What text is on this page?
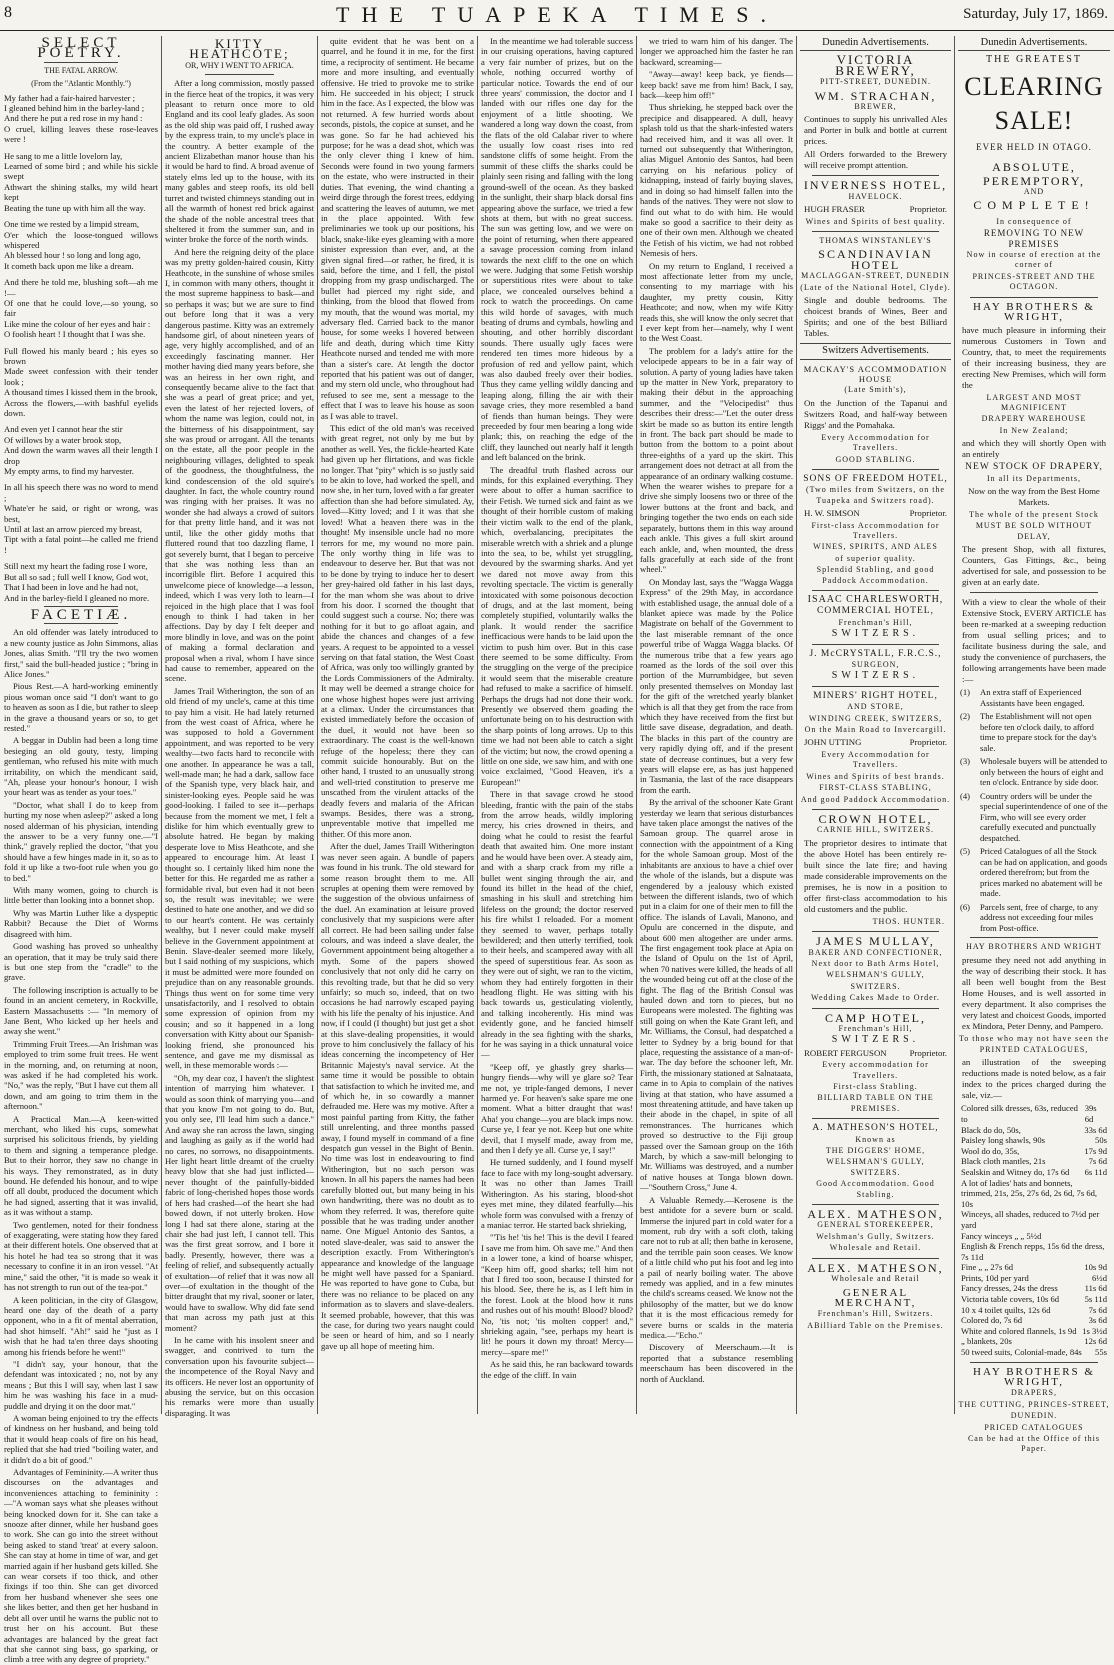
8	THE TUAPEKA TIMES.	Saturday, July 17, 1869.
SELECT POETRY.
THE FATAL ARROW.
(From the "Atlantic Monthly.")

My father had a fair-haired harvester ;

I gleaned behind him in the barley-land ;

And there he put a red rose in my hand :

O cruel, killing leaves these rose-leaves were !

He sang to me a little lovelorn lay,

Learned of some bird ; and while his sickle swept

Athwart the shining stalks, my wild heart kept

Beating the tune up with him all the way.

One time we rested by a limpid stream,

O'er which the loose-tongued willows whispered

Ah blessed hour ! so long and long ago,

It cometh back upon me like a dream.

And there he told me, blushing soft—ah me !—

Of one that he could love,—so young, so fair

Like mine the colour of her eyes and hair :

O foolish heart ! I thought that I was she.

Full flowed his manly beard ; his eyes so brown

Made sweet confession with their tender look ;

A thousand times I kissed them in the brook,

Across the flowers,—with bashful eyelids down.

And even yet I cannot hear the stir

Of willows by a water brook stop,

And down the warm waves all their length I drop

My empty arms, to find my harvester.

In all his speech there was no word to mend ;

Whate'er he said, or right or wrong, was best,

Until at last an arrow pierced my breast,

Tipt with a fatal point—he called me friend !

Still next my heart the fading rose I wore,

But all so sad ; full well I know, God wot,

That I had been in love and he had not,

And in the barley-field I gleaned no more.

FACETIÆ.

An old offender was lately introduced to a new county justice as John Simmons, alias Jones, alias Smith. "I'll try the two women first," said the bull-headed justice ; "bring in Alice Jones."

Pious Rest.—A hard-working eminently pious woman once said "I don't want to go to heaven as soon as I die, but rather to sleep in the grave a thousand years or so, to get rested."

A beggar in Dublin had been a long time besieging an old gouty, testy, limping gentleman, who refused his mite with much irritability, on which the mendicant said, "Ah, please your honour's honour, I wish your heart was as tender as your toes."

"Doctor, what shall I do to keep from hurting my nose when asleep?" asked a long nosed alderman of his physician, intending the answer to be a very funny one.—"I think," gravely replied the doctor, "that you should have a few hinges made in it, so as to fold it up like a two-foot rule when you go to bed."

With many women, going to church is little better than looking into a bonnet shop.

Why was Martin Luther like a dyspeptic Rabbit? Because the Diet of Worms disagreed with him.

Good washing has proved so unhealthy an operation, that it may be truly said there is but one step from the "cradle" to the grave.

The following inscription is actually to be found in an ancient cemetery, in Rockville, Eastern Massachusetts :— "In memory of Jane Bent, Who kicked up her heels and away she went."

Trimming Fruit Trees.—An Irishman was employed to trim some fruit trees. He went in the morning, and, on returning at noon, was asked if he had completed his work. "No," was the reply, "But I have cut them all down, and am going to trim them in the afternoon."

A Practical Man.—A keen-witted merchant, who liked his cups, somewhat surprised his solicitous friends, by yielding to them and signing a temperance pledge. But to their horror, they saw no change in his ways. They remonstrated, as in duty bound. He defended his honour, and to wipe off all doubt, produced the document which he had signed, asserting that it was invalid, as it was without a stamp.

Two gentlemen, noted for their fondness of exaggerating, were stating how they fared at their different hotels. One observed that at his hotel he had tea so strong that it was necessary to confine it in an iron vessel. "At mine," said the other, "it is made so weak it has not strength to run out of the tea-pot."

A keen politician, in the city of Glasgow, heard one day of the death of a party opponent, who in a fit of mental aberration, had shot himself. "Ah!" said he "just as I wish that he had ta'en three days shooting among his friends before he went!"

"I didn't say, your honour, that the defendant was intoxicated ; no, not by any means ; But this I will say, when last I saw him he was washing his face in a mud-puddle and drying it on the door mat."

A woman being enjoined to try the effects of kindness on her husband, and being told that it would heap coals of fire on his head, replied that she had tried "boiling water, and it didn't do a bit of good."

Advantages of Femininity.—A writer thus discourses on the advantages and inconveniences attaching to femininity :—"A woman says what she pleases without being knocked down for it. She can take a snooze after dinner, while her husband goes to work. She can go into the street without being asked to stand 'treat' at every saloon. She can stay at home in time of war, and get married again if her husband gets killed. She can wear corsets if too thick, and other fixings if too thin. She can get divorced from her husband whenever she sees one she likes better, and then get her husband in debt all over until he warns the public not to trust her on his account. But these advantages are balanced by the great fact that she cannot sing bass, go sparking, or climb a tree with any degree of propriety."

KITTY HEATHCOTE;
OR, WHY I WENT TO AFRICA.

After a long commission, mostly passed in the fierce heat of the tropics, it was very pleasant to return once more to old England and its cool leafy glades. As soon as the old ship was paid off, I rushed away by the express train, to my uncle's place in the country. A better example of the ancient Elizabethan manor house than his it would be hard to find. A broad avenue of stately elms led up to the house, with its many gables and steep roofs, its old bell turret and twisted chimneys standing out in all the warmth of honest red brick against the shade of the noble ancestral trees that sheltered it from the summer sun, and in winter broke the force of the north winds.

And here the reigning deity of the place was my pretty golden-haired cousin, Kitty Heathcote, in the sunshine of whose smiles I, in common with many others, thought it the most supreme happiness to bask—and so perhaps it was; but we are sure to find out before long that it was a very dangerous pastime. Kitty was an extremely handsome girl, of about nineteen years of age, very highly accomplished, and of an exceedingly fascinating manner. Her mother having died many years before, she was an heiress in her own right, and consequently became alive to the fact that she was a pearl of great price; and yet, even the latest of her rejected lovers, of whom the name was legion, could not, in the bitterness of his disappointment, say she was proud or arrogant. All the tenants on the estate, all the poor people in the neighbouring villages, delighted to speak of the goodness, the thoughtfulness, the kind condescension of the old squire's daughter. In fact, the whole country round was ringing with her praises. It was no wonder she had always a crowd of suitors for that pretty little hand, and it was not until, like the other giddy moths that fluttered round that too dazzling flame, I got severely burnt, that I began to perceive that she was nothing less than an incorrigible flirt. Before I acquired this unwelcome piece of knowledge—a lesson, indeed, which I was very loth to learn—I rejoiced in the high place that I was fool enough to think I had taken in her affections. Day by day I felt deeper and more blindly in love, and was on the point of making a formal declaration and proposal when a rival, whom I have since had cause to remember, appeared on the scene.

James Trail Witherington, the son of an old friend of my uncle's, came at this time to pay him a visit. He had lately returned from the west coast of Africa, where he was supposed to hold a Government appointment, and was reported to be very wealthy—two facts hard to reconcile with one another. In appearance he was a tall, well-made man; he had a dark, sallow face of the Spanish type, very black hair, and sinister-looking eyes. People said he was good-looking. I failed to see it—perhaps because from the moment we met, I felt a dislike for him which eventually grew to absolute hatred. He began by making desperate love to Miss Heathcote, and she appeared to encourage him. At least I thought so. I certainly liked him none the better for this. He regarded me as rather a formidable rival, but even had it not been so, the result was inevitable; we were destined to hate one another, and we did so to our heart's content. He was certainly wealthy, but I never could make myself believe in the Government appointment at Benin. Slave-dealer seemed more likely, but I said nothing of my suspicions, which it must be admitted were more founded on prejudice than on any reasonable grounds. Things thus went on for some time very unsatisfactorily, and I resolved to obtain some expression of opinion from my cousin; and so it happened in a long conversation with Kitty about our Spanish-looking friend, she pronounced his sentence, and gave me my dismissal as well, in these memorable words :—

"Oh, my dear coz, I haven't the slightest intention of marrying him whatever. I would as soon think of marrying you—and that you know I'm not going to do. But, you only see, I'll lead him such a dance." And away she ran across the lawn, singing and laughing as gaily as if the world had no cares, no sorrows, no disappointments. Her light heart little dreamt of the cruelty heavy blow that she had just inflicted—never thought of the painfully-bidded fabric of long-cherished hopes those words of hers had crashed—of the heart she had bowed down, if not utterly broken. How long I had sat there alone, staring at the chair she had just left, I cannot tell. This was the first great sorrow, and I bore it badly. Presently, however, there was a feeling of relief, and subsequently actually of exultation—of relief that it was now all over—of exultation in the thought of the bitter draught that my rival, sooner or later, would have to swallow. Why did fate send that man across my path just at this moment?

In he came with his insolent sneer and swagger, and contrived to turn the conversation upon his favourite subject—the incompetence of the Royal Navy and its officers. He never lost an opportunity of abusing the service, but on this occasion his remarks were more than usually disparaging. It was

quite evident that he was bent on a quarrel, and he found it in me, for the first time, a reciprocity of sentiment. He became more and more insulting, and eventually offensive. He tried to provoke me to strike him. He succeeded in his object; I struck him in the face. As I expected, the blow was not returned. A few hurried words about seconds, pistols, the copice at sunset, and he was gone. So far he had achieved his purpose; for he was a dead shot, which was the only clever thing I knew of him. Seconds were found in two young farmers on the estate, who were instructed in their duties. That evening, the wind chanting a weird dirge through the forest trees, eddying and scattering the leaves of autumn, we met in the place appointed. With few preliminaries we took up our positions, his black, snake-like eyes gleaming with a more sinister expression than ever, and, at the given signal fired—or rather, he fired, it is said, before the time, and I fell, the pistol dropping from my grasp undischarged. The bullet had pierced my right side, and thinking, from the blood that flowed from my mouth, that the wound was mortal, my adversary fled. Carried back to the manor house, for some weeks I hovered between life and death, during which time Kitty Heathcote nursed and tended me with more than a sister's care. At length the doctor reported that his patient was out of danger, and my stern old uncle, who throughout had refused to see me, sent a message to the effect that I was to leave his house as soon as I was able to travel.

This edict of the old man's was received with great regret, not only by me but by another as well. Yes, the fickle-hearted Kate had given up her flirtations, and was fickle no longer. That "pity" which is so justly said to be akin to love, had worked the spell, and now she, in her turn, loved with a far greater affection than she had before simulated. Ay, loved—Kitty loved; and I it was that she loved! What a heaven there was in the thought! My insensible uncle had no more terrors for me, my wound no more pain. The only worthy thing in life was to endeavour to deserve her. But that was not to be done by trying to induce her to desert her grey-haired old father in his last days, for the man whom she was about to drive from his door. I scorned the thought that could suggest such a course. No; there was nothing for it but to go afloat again, and abide the chances and changes of a few years. A request to be appointed to a vessel serving on that fatal station, the West Coast of Africa, was only too willingly granted by the Lords Commissioners of the Admiralty. It may well be deemed a strange choice for one whose highest hopes were just arriving at a climax. Under the circumstances that existed immediately before the occasion of the duel, it would not have been so extraordinary. The coast is the well-known refuge of the hopeless; there they can commit suicide honourably. But on the other hand, I trusted to an unusually strong and well-tried constitution to preserve me unscathed from the virulent attacks of the deadly fevers and malaria of the African swamps. Besides, there was a strong, unpreventable motive that impelled me thither. Of this more anon.

After the duel, James Traill Witherington was never seen again. A bundle of papers was found in his trunk. The old steward for some reason brought them to me. All scruples at opening them were removed by the suggestion of the obvious unfairness of the duel. An examination at leisure proved conclusively that my suspicions were after all correct. He had been sailing under false colours, and was indeed a slave dealer, the Government appointment being altogether a myth. Some of the papers showed conclusively that not only did he carry on this revolting trade, but that he did so very unfairly; so much so, indeed, that on two occasions he had narrowly escaped paying with his life the penalty of his injustice. And now, if I could (I thought) but just get a shot at this slave-dealing propensities, it would prove to him conclusively the fallacy of his ideas concerning the incompetency of Her Britannic Majesty's naval service. At the same time it would be possible to obtain that satisfaction to which he invited me, and of which he, in so cowardly a manner defrauded me. Here was my motive. After a most painful parting from Kitty, the father still unrelenting, and three months passed away, I found myself in command of a fine despatch gun vessel in the Bight of Benin. No time was lost in endeavouring to find Witherington, but no such person was known. In all his papers the names had been carefully blotted out, but many being in his own handwriting, there was no doubt as to whom they referred. It was, therefore quite possible that he was trading under another name. One Miguel Antonio des Santos, a noted slave-dealer, was said to answer the description exactly. From Witherington's appearance and knowledge of the language he might well have passed for a Spaniard. He was reported to have gone to Cuba, but there was no reliance to be placed on any information as to slavers and slave-dealers. It seemed probable, however, that this was the case, for during two years naught could be seen or heard of him, and so I nearly gave up all hope of meeting him.

In the meantime we had tolerable success in our cruising operations, having captured a very fair number of prizes, but on the whole, nothing occurred worthy of particular notice. Towards the end of our three years' commission, the doctor and I landed with our rifles one day for the enjoyment of a little shooting. We wandered a long way down the coast, from the flats of the old Calabar river to where the usually low coast rises into red sandstone cliffs of some height. From the summit of these cliffs the sharks could be plainly seen rising and falling with the long ground-swell of the ocean. As they basked in the sunlight, their sharp black dorsal fins appearing above the surface, we tried a few shots at them, but with no great success. The sun was getting low, and we were on the point of returning, when there appeared a savage procession coming from inland towards the next cliff to the one on which we were. Judging that some Fetish worship or superstitious rites were about to take place, we concealed ourselves behind a rock to watch the proceedings. On came this wild horde of savages, with much beating of drums and cymbals, howling and shouting, and other horribly discordant sounds. There usually ugly faces were rendered ten times more hideous by a profusion of red and yellow paint, which was also daubed freely over their bodies. Thus they came yelling wildly dancing and leaping along, filling the air with their savage cries, they more resembled a band of fiends than human beings. They were preceeded by four men bearing a long wide plank; this, on reaching the edge of the cliff, they launched out nearly half it length and left balanced on the brink.

The dreadful truth flashed across our minds, for this explained everything. They were about to offer a human sacrifice to their Fetish. We turned sick and faint as we thought of their horrible custom of making their victim walk to the end of the plank, which, overbalancing, precipitates the miserable wretch with a shriek and a plunge into the sea, to be, whilst yet struggling, devoured by the swarming sharks. And yet we dared not move away from this revolting spectacle. The victim is generally intoxicated with some poisonous decoction of drugs, and at the last moment, being completely stupified, voluntarily walks the plank. It would render the sacrifice inefficacious were hands to be laid upon the victim to push him over. But in this case there seemed to be some difficulty. From the struggling on the verge of the precipice it would seem that the miserable creature had refused to make a sacrifice of himself. Perhaps the drugs had not done their work. Presently we observed them goading the unfortunate being on to his destruction with the sharp points of long arrows. Up to this time we had not been able to catch a sight of the victim; but now, the crowd opening a little on one side, we saw him, and with one voice exclaimed, "Good Heaven, it's a European!"

There in that savage crowd he stood bleeding, frantic with the pain of the stabs from the arrow heads, wildly imploring mercy, his cries drowned in theirs, and doing what he could to resist the fearful death that awaited him. One more instant and he would have been over. A steady aim, and with a sharp crack from my rifle a bullet went singing through the air, and found its billet in the head of the chief, smashing in his skull and stretching him lifeless on the ground; the doctor reserved his fire whilst I reloaded. For a moment they seemed to waver, perhaps totally bewildered; and then utterly terrified, took to their heels, and scampered away with all the speed of superstitious fear. As soon as they were out of sight, we ran to the victim, whom they had entirely forgotten in their headlong flight. He was sitting with his back towards us, gesticulating violently, and talking incoherently. His mind was evidently gone, and he fancied himself already in the sea fighting with the sharks, for he was saying in a thick unnatural voice—

"Keep off, ye ghastly grey sharks—hungry fiends—why will ye glare so? Tear me not, ye triple-fanged demons, I never harmed ye. For heaven's sake spare me one moment. What a bitter draught that was! Aha! you change—you are black imps now. Curse ye, I fear ye not. Keep but one white devil, that I myself made, away from me, and then I defy ye all. Curse ye, I say!"

He turned suddenly, and I found myself face to face with my long-sought adversary. It was no other than James Traill Witherington. As his staring, blood-shot eyes met mine, they dilated fearfully—his whole form was convulsed with a frenzy of a maniac terror. He started back shrieking,

"'Tis he! 'tis he! This is the devil I feared I save me from him. Oh save me." And then in a lower tone, a kind of hoarse whisper, "Keep him off, good sharks; tell him not that I fired too soon, because I thirsted for his blood. See, there he is, as I left him in the forest. Look at the blood how it runs and rushes out of his mouth! Blood? blood? No, 'tis not; 'tis molten copper! and," shrieking again, "see, perhaps my heart is lit! he pours it down my throat! Mercy—mercy—spare me!"

As he said this, he ran backward towards the edge of the cliff. In vain

we tried to warn him of his danger. The longer we approached him the faster he ran backward, screaming—

"Away—away! keep back, ye fiends—keep back! save me from him! Back, I say, back—keep him off!"

Thus shrieking, he stepped back over the precipice and disappeared. A dull, heavy splash told us that the shark-infested waters had received him, and it was all over. It turned out subsequently that Witherington, alias Miguel Antonio des Santos, had been carrying on his nefarious policy of kidnapping, instead of fairly buying slaves, and in doing so had himself fallen into the hands of the natives. They were not slow to find out what to do with him. He would make so good a sacrifice to their deity as one of their own men. Although we cheated the Fetish of his victim, we had not robbed Nemesis of hers.

On my return to England, I received a most affectionate letter from my uncle, consenting to my marriage with his daughter, my pretty cousin, Kitty Heathcote; and now, when my wife Kitty reads this, she will know the only secret that I ever kept from her—namely, why I went to the West Coast.

The problem for a lady's attire for the velocipede appears to be in a fair way of solution. A party of young ladies have taken up the matter in New York, preparatory to making their début in the approaching summer, and the "Velocipedist" thus describes their dress:—"Let the outer dress skirt be made so as button its entire length in front. The back part should be made to button from the bottom to a point about three-eighths of a yard up the skirt. This arrangement does not detract at all from the appearance of an ordinary walking costume. When the wearer wishes to prepare for a drive she simply loosens two or three of the lower buttons at the front and back, and bringing together the two ends on each side separately, buttons them in this way around each ankle. This gives a full skirt around each ankle, and, when mounted, the dress falls gracefully at each side of the front wheel."

On Monday last, says the "Wagga Wagga Express" of the 29th May, in accordance with established usage, the annual dole of a blanket apiece was made by the Police Magistrate on behalf of the Government to the last miserable remnant of the once powerful tribe of Wagga Wagga blacks. Of the numerous tribe that a few years ago roamed as the lords of the soil over this portion of the Murrumbidgee, but seven only presented themselves on Monday last for the gift of the wretched yearly blanket which is all that they get from the race from which they have received from the first but little save disease, degradation, and death. The blacks in this part of the country are very rapidly dying off, and if the present state of decrease continues, but a very few years will elapse ere, as has just happened in Tasmania, the last of the race disappears from the earth.

By the arrival of the schooner Kate Grant yesterday we learn that serious disturbances have taken place amongst the natives of the Samoan group. The quarrel arose in connection with the appointment of a King for the whole Samoan group. Most of the inhabitants are anxious to have a chief over the whole of the islands, but a dispute was engendered by a jealousy which existed between the different islands, two of which put in a claim for one of their men to fill the office. The islands of Lavali, Manono, and Opulu are concerned in the dispute, and about 600 men altogether are under arms. The first engagement took place at Apia on the Island of Opulu on the 1st of April, when 70 natives were killed, the heads of all the wounded being cut off at the close of the fight. The flag of the British Consul was hauled down and torn to pieces, but no Europeans were molested. The fighting was still going on when the Kate Grant left, and Mr. Williams, the Consul, had despatched a letter to Sydney by a brig bound for that place, requesting the assistance of a man-of-war. The day before the schooner left, Mr. Firth, the missionary stationed at Salnataata, came in to Apia to complain of the natives living at that station, who have assumed a most threatening attitude, and have taken up their abode in the chapel, in spite of all remonstrances. The hurricanes which proved so destructive to the Fiji group passed over the Samoan group on the 16th March, by which a saw-mill belonging to Mr. Williams was destroyed, and a number of native houses at Tonga blown down.—"Southern Cross," June 4.

A Valuable Remedy.—Kerosene is the best antidote for a severe burn or scald. Immerse the injured part in cold water for a moment, rub dry with a soft cloth, taking care not to rub at all; then bathe in kerosene, and the terrible pain soon ceases. We know of a little child who put his foot and leg into a pail of nearly boiling water. The above remedy was applied, and in a few minutes the child's screams ceased. We know not the philosophy of the matter, but we do know that it is the most efficacious remedy for severe burns or scalds in the materia medica.—"Echo."

Discovery of Meerschaum.—It is reported that a substance resembling meerschaum has been discovered in the north of Auckland.

Dunedin Advertisements.
VICTORIA BREWERY,
PITT-STREET, DUNEDIN.
WM. STRACHAN,
BREWER,
Continues to supply his unrivalled Ales and Porter in bulk and bottle at current prices.
All Orders forwarded to the Brewery will receive prompt attention.
INVERNESS HOTEL,
HAVELOCK.
HUGH FRASER	Proprietor.
Wines and Spirits of best quality.
THOMAS WINSTANLEY'S
SCANDINAVIAN HOTEL
MACLAGGAN-STREET, DUNEDIN
(Late of the National Hotel, Clyde).
Single and double bedrooms. The choicest brands of Wines, Beer and Spirits; and one of the best Billiard Tables.
Switzers Advertisements.
MACKAY'S ACCOMMODATION HOUSE
(Late Smith's),
On the Junction of the Tapanui and Switzers Road, and half-way between Riggs' and the Pomahaka.
Every Accommodation for Travellers.
GOOD STABLING.
SONS OF FREEDOM HOTEL,
(Two miles from Switzers, on the Tuapeka and Switzers road).
H. W. SIMSON	Proprietor.
First-class Accommodation for Travellers.
WINES, SPIRITS, AND ALES
of superior quality.
Splendid Stabling, and good Paddock Accommodation.
ISAAC CHARLESWORTH,
COMMERCIAL HOTEL,
Frenchman's Hill,
SWITZERS.
J. McCRYSTALL, F.R.C.S.,
SURGEON,
SWITZERS.
MINERS' RIGHT HOTEL,
AND STORE,
WINDING CREEK, SWITZERS,
On the Main Road to Invercargill.
JOHN UTTING	Proprietor.
Every Accommodation for Travellers.
Wines and Spirits of best brands.
FIRST-CLASS STABLING,
And good Paddock Accommodation.
CROWN HOTEL,
CARNIE HILL, SWITZERS.
The proprietor desires to intimate that the above Hotel has been entirely re-built since the late fire; and having made considerable improvements on the premises, he is now in a position to offer first-class accommodation to his old customers and the public.
THOS. HUNTER.
JAMES MULLAY,
BAKER AND CONFECTIONER,
Next door to Bath Arms Hotel,
WELSHMAN'S GULLY,
SWITZERS.
Wedding Cakes Made to Order.
CAMP HOTEL,
Frenchman's Hill,
SWITZERS.
ROBERT FERGUSON	Proprietor.
Every accommodation for Travellers.
First-class Stabling.
BILLIARD TABLE ON THE PREMISES.
A. MATHESON'S HOTEL,
Known as
THE DIGGERS' HOME,
WELSHMAN'S GULLY, SWITZERS.
Good Accommodation. Good Stabling.
ALEX. MATHESON,
GENERAL STOREKEEPER,
Welshman's Gully, Switzers.
Wholesale and Retail.
ALEX. MATHESON,
Wholesale and Retail
GENERAL MERCHANT,
Frenchman's Hill, Switzers.
ABilliard Table on the Premises.
Dunedin Advertisements.
THE GREATEST
CLEARING SALE!
EVER HELD IN OTAGO.
ABSOLUTE,
PEREMPTORY,
AND
COMPLETE!
In consequence of
REMOVING TO NEW PREMISES
Now in course of erection at the corner of
PRINCES-STREET AND THE OCTAGON.
HAY BROTHERS & WRIGHT,
have much pleasure in informing their numerous Customers in Town and Country, that, to meet the requirements of their increasing business, they are erecting New Premises, which will form the
LARGEST AND MOST MAGNIFICENT
DRAPERY WAREHOUSE
In New Zealand;
and which they will shortly Open with an entirely
NEW STOCK OF DRAPERY,
In all its Departments,
Now on the way from the Best Home Markets.
The whole of the present Stock
MUST BE SOLD WITHOUT DELAY,
The present Shop, with all fixtures, Counters, Gas Fittings, &c., being advertised for sale, and possession to be given at an early date.
With a view to clear the whole of their Extensive Stock, EVERY ARTICLE has been re-marked at a sweeping reduction from usual selling prices; and to facilitate business during the sale, and study the convenience of purchasers, the following arrangements have been made :—
(1)	An extra staff of Experienced Assistants have been engaged.
(2)	The Establishment will not open before ten o'clock daily, to afford time to prepare stock for the day's sale.
(3)	Wholesale buyers will be attended to only between the hours of eight and ten o'clock. Entrance by side door.
(4)	Country orders will be under the special superintendence of one of the Firm, who will see every order carefully executed and punctually despatched.
(5)	Priced Catalogues of all the Stock can be had on application, and goods ordered therefrom; but from the prices marked no abatement will be made.
(6)	Parcels sent, free of charge, to any address not exceeding four miles from Post-office.
HAY BROTHERS AND WRIGHT
presume they need not add anything in the way of describing their stock. It has all been well bought from the Best Home Houses, and is well assorted in every department. It also comprises the very latest and choicest Goods, imported ex Mindora, Peter Denny, and Pampero.
To those who may not have seen the
PRINTED CATALOGUES,
an illustration of the sweeping reductions made is noted below, as a fair index to the prices charged during the sale, viz.—
Colored silk dresses, 63s, reduced to
39s 6d
Black do do, 50s,	33s 6d
Paisley long shawls, 90s	50s
Wool do do, 35s,	17s 9d
Black cloth mantles, 21s	7s 6d
Sealskin and Witney do, 17s 6d 6s 11d
A lot of ladies' hats and bonnets,
trimmed, 21s, 25s, 27s 6d, 2s 6d, 7s 6d, 10s
Winceys, all shades, reduced to 7½d per yard
Fancy winceys „ „ 5½d
English & French repps, 15s 6d the dress, 7s 11d
Fine „ „ 27s 6d	10s 9d
Prints, 10d per yard	6½d
Fancy dresses, 24s the dress	11s 6d
Victoria table covers, 10s 6d	5s 11d
10 x 4 toilet quilts, 12s 6d	7s 6d
Colored do, 7s 6d	3s 6d
White and colored flannels, 1s 9d 1s 3½d
„ blankets, 20s	12s 6d
50 tweed suits, Colonial-made, 84s 55s
HAY BROTHERS & WRIGHT,
DRAPERS,
THE CUTTING, PRINCES-STREET,
DUNEDIN.
PRICED CATALOGUES
Can be had at the Office of this Paper.
